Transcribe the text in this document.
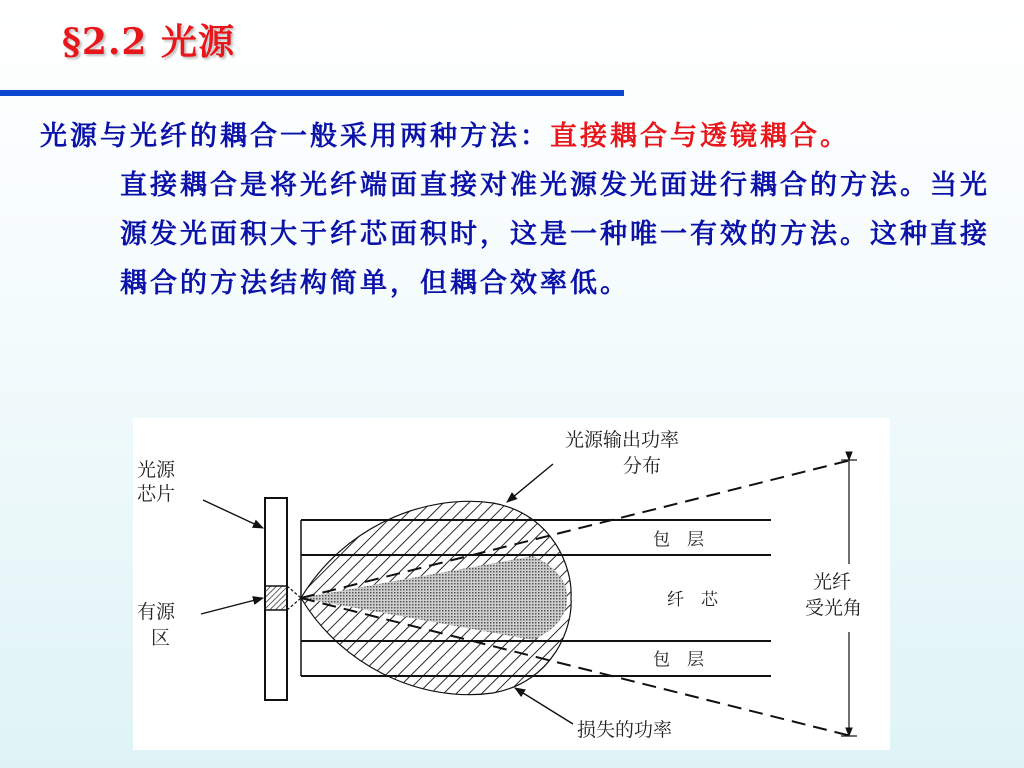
§2.2 光源

光源与光纤的耦合一般采用两种方法：直接耦合与透镜耦合。

直接耦合是将光纤端面直接对准光源发光面进行耦合的方法。当光源发光面积大于纤芯面积时，这是一种唯一有效的方法。这种直接耦合的方法结构简单，但耦合效率低。

光源
芯片
有源
区
光源输出功率
分布
包　层
纤　芯
包　层
光纤
受光角
损失的功率
